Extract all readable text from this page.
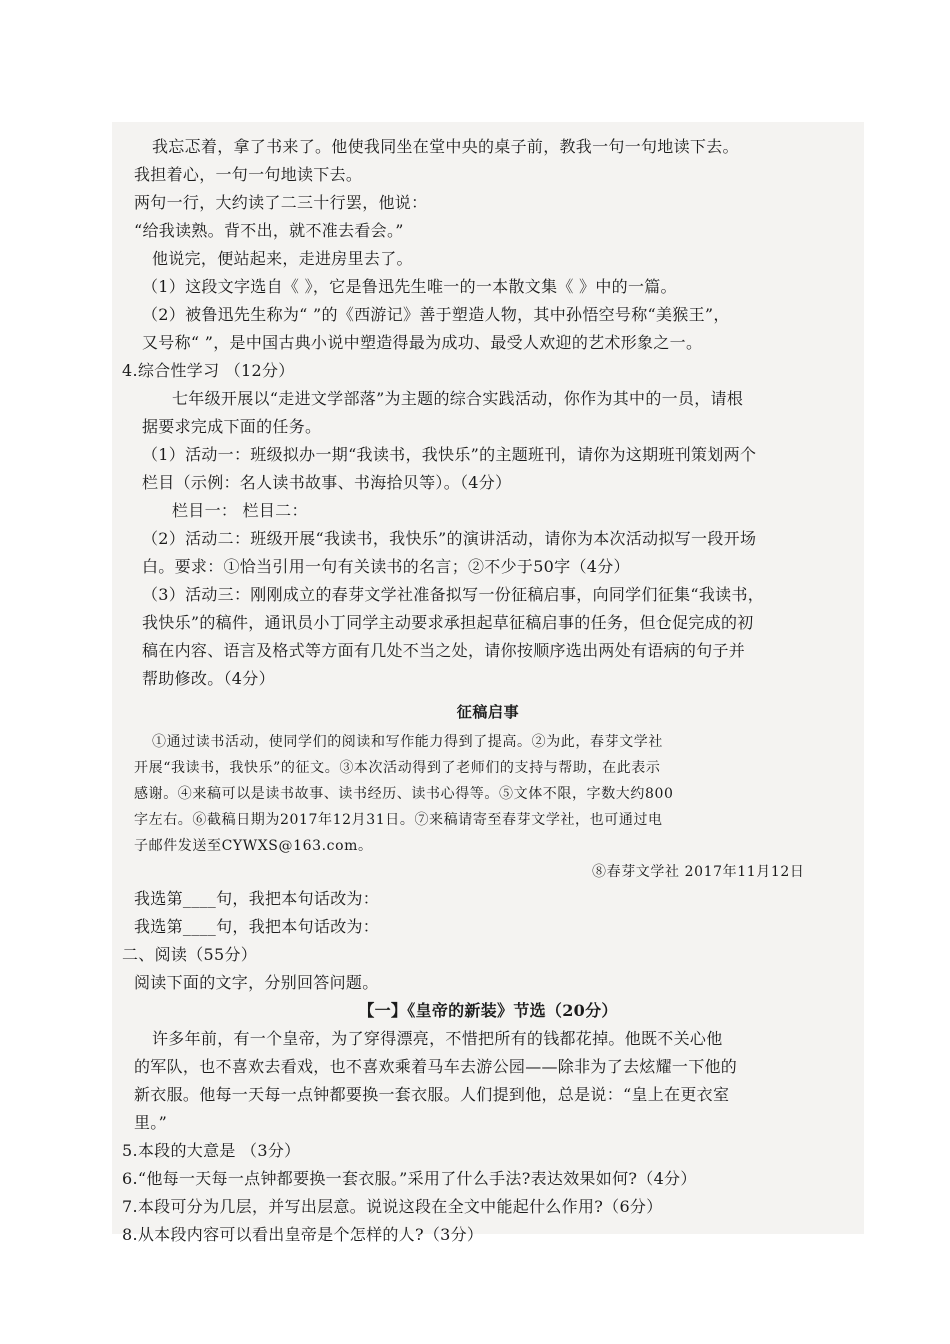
征稿启事
我忘忑着，拿了书来了。他使我同坐在堂中央的桌子前，教我一句一句地读下去。
我担着心，一句一句地读下去。
两句一行，大约读了二三十行罢，他说：
“给我读熟。背不出，就不准去看会。”
他说完，便站起来，走进房里去了。
（1）这段文字选自《 》，它是鲁迅先生唯一的一本散文集《 》中的一篇。
（2）被鲁迅先生称为“ ”的《西游记》善于塑造人物，其中孙悟空号称“美猴王”，
又号称“ ”，是中国古典小说中塑造得最为成功、最受人欢迎的艺术形象之一。
4.综合性学习 （12分）
七年级开展以“走进文学部落”为主题的综合实践活动，你作为其中的一员，请根
据要求完成下面的任务。
（1）活动一：班级拟办一期“我读书，我快乐”的主题班刊，请你为这期班刊策划两个
栏目（示例：名人读书故事、书海拾贝等）。（4分）
栏目一： 栏目二：
（2）活动二：班级开展“我读书，我快乐”的演讲活动，请你为本次活动拟写一段开场
白。要求：①恰当引用一句有关读书的名言；②不少于50字（4分）
（3）活动三：刚刚成立的春芽文学社准备拟写一份征稿启事，向同学们征集“我读书，
我快乐”的稿件，通讯员小丁同学主动要求承担起草征稿启事的任务，但仓促完成的初
稿在内容、语言及格式等方面有几处不当之处，请你按顺序选出两处有语病的句子并
帮助修改。（4分）
①通过读书活动，使同学们的阅读和写作能力得到了提高。②为此，春芽文学社
开展“我读书，我快乐”的征文。③本次活动得到了老师们的支持与帮助，在此表示
感谢。④来稿可以是读书故事、读书经历、读书心得等。⑤文体不限，字数大约800
字左右。⑥截稿日期为2017年12月31日。⑦来稿请寄至春芽文学社，也可通过电
子邮件发送至CYWXS@163.com。
⑧春芽文学社 2017年11月12日
我选第____句，我把本句话改为：
我选第____句，我把本句话改为：
二、阅读（55分）
阅读下面的文字，分别回答问题。
【一】《皇帝的新装》节选（20分）
许多年前，有一个皇帝，为了穿得漂亮，不惜把所有的钱都花掉。他既不关心他
的军队，也不喜欢去看戏，也不喜欢乘着马车去游公园——除非为了去炫耀一下他的
新衣服。他每一天每一点钟都要换一套衣服。人们提到他，总是说：“皇上在更衣室
里。”
5.本段的大意是 （3分）
6.“他每一天每一点钟都要换一套衣服。”采用了什么手法?表达效果如何?（4分）
7.本段可分为几层，并写出层意。说说这段在全文中能起什么作用?（6分）
8.从本段内容可以看出皇帝是个怎样的人?（3分）
